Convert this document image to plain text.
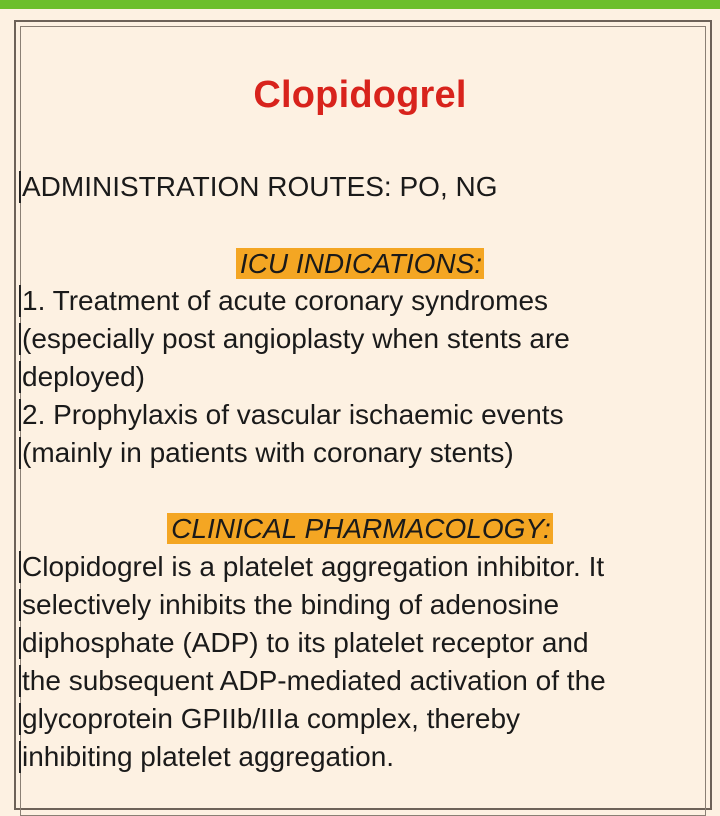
Clopidogrel
ADMINISTRATION ROUTES: PO, NG
ICU INDICATIONS:
1. Treatment of acute coronary syndromes
(especially post angioplasty when stents are
deployed)
2. Prophylaxis of vascular ischaemic events
(mainly in patients with coronary stents)
CLINICAL PHARMACOLOGY:
Clopidogrel is a platelet aggregation inhibitor. It
selectively inhibits the binding of adenosine
diphosphate (ADP) to its platelet receptor and
the subsequent ADP-mediated activation of the
glycoprotein GPIIb/IIIa complex, thereby
inhibiting platelet aggregation.
